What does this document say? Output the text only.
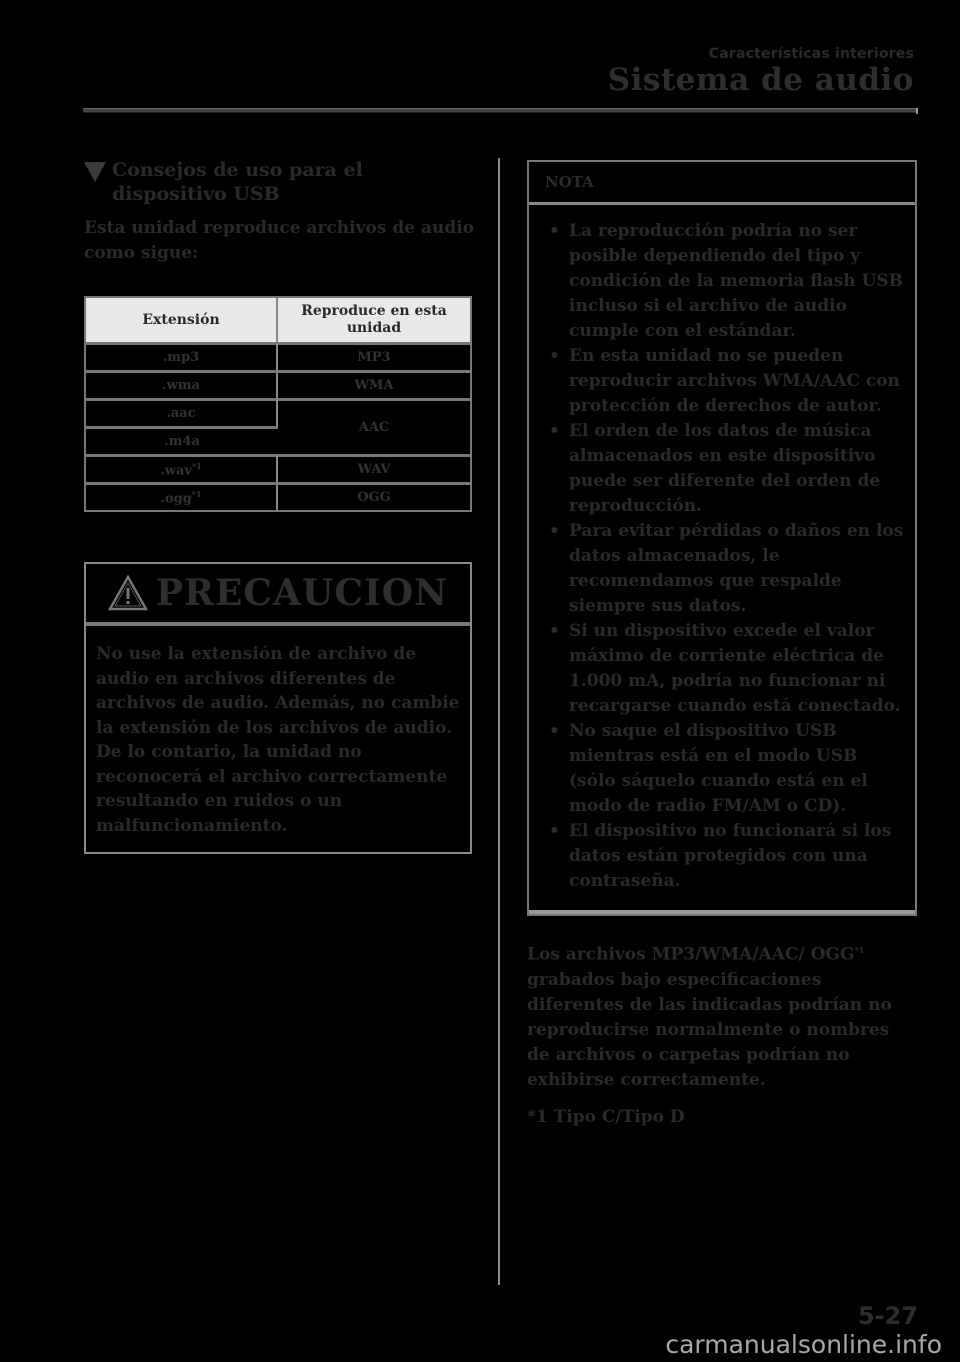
Características interiores
Sistema de audio
Consejos de uso para el dispositivo USB
Esta unidad reproduce archivos de audio como sigue:
Extensión	Reproduce en esta unidad
.mp3	MP3
.wma	WMA
.aac	AAC
.m4a	
.wav$^{*1}$	WAV
.ogg$^{*1}$	OGG
PRECAUCION
No use la extensión de archivo de audio en archivos diferentes de archivos de audio. Además, no cambie la extensión de los archivos de audio. De lo contario, la unidad no reconocerá el archivo correctamente resultando en ruidos o un malfuncionamiento.
NOTA
• La reproducción podría no ser posible dependiendo del tipo y condición de la memoria flash USB incluso si el archivo de audio cumple con el estándar.
• En esta unidad no se pueden reproducir archivos WMA/AAC con protección de derechos de autor.
• El orden de los datos de música almacenados en este dispositivo puede ser diferente del orden de reproducción.
• Para evitar pérdidas o daños en los datos almacenados, le recomendamos que respalde siempre sus datos.
• Si un dispositivo excede el valor máximo de corriente eléctrica de 1.000 mA, podría no funcionar ni recargarse cuando está conectado.
• No saque el dispositivo USB mientras está en el modo USB (sólo sáquelo cuando está en el modo de radio FM/AM o CD).
• El dispositivo no funcionará si los datos están protegidos con una contraseña.
Los archivos MP3/WMA/AAC/ OGG$^{*1}$ grabados bajo especificaciones diferentes de las indicadas podrían no reproducirse normalmente o nombres de archivos o carpetas podrían no exhibirse correctamente.
*1 Tipo C/Tipo D
5-27
carmanualsonline.info
